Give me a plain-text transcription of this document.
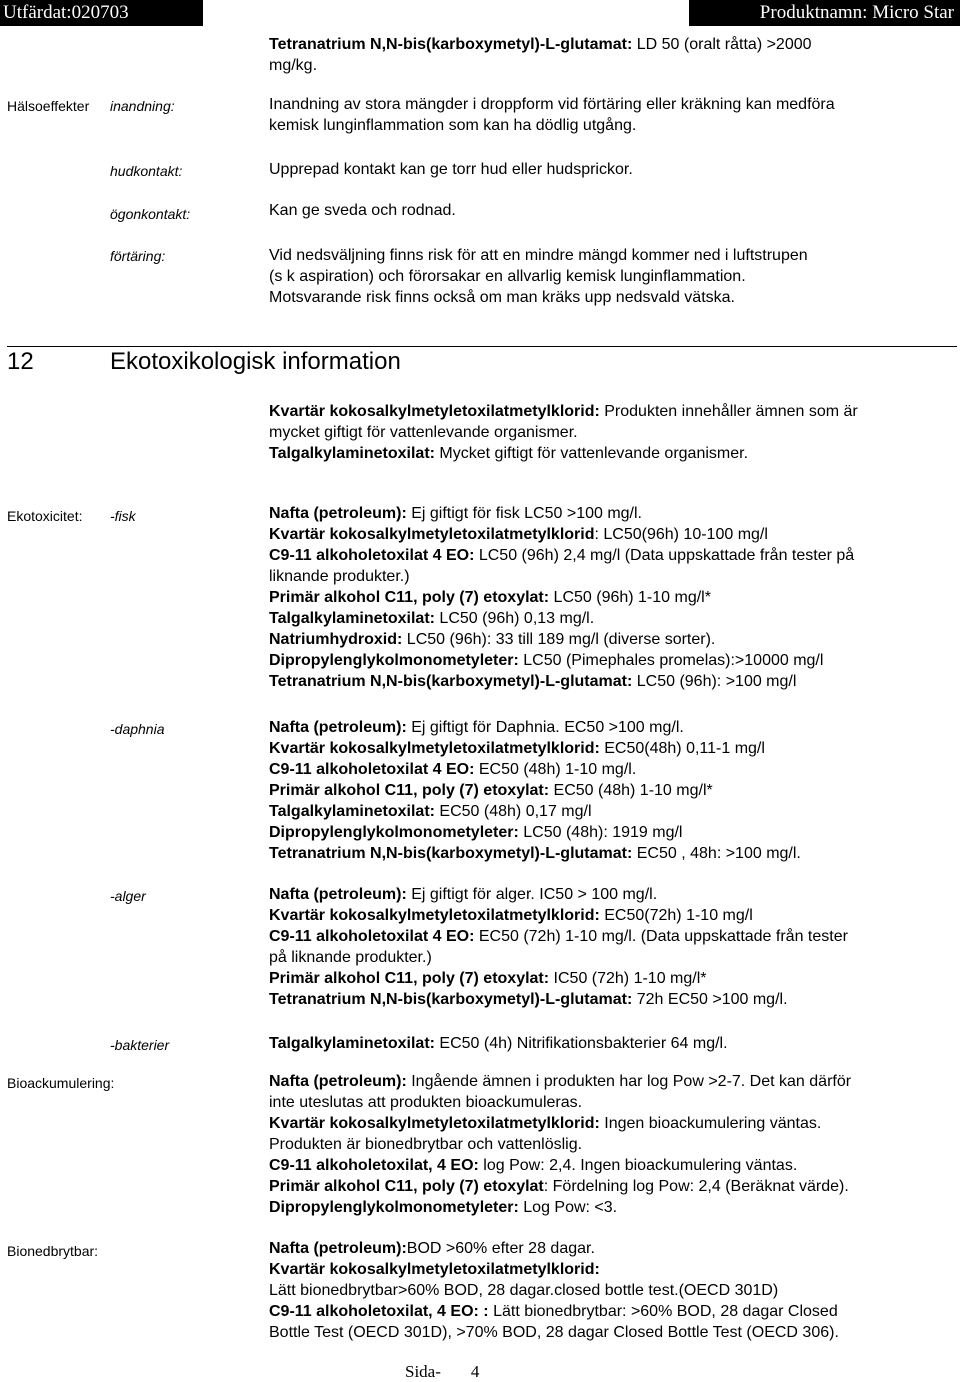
Utfärdat:020703	Produktnamn: Micro Star
Tetranatrium N,N-bis(karboxymetyl)-L-glutamat: LD 50 (oralt råtta) >2000
mg/kg.
Hälsoeffekter inandning:	Inandning av stora mängder i droppform vid förtäring eller kräkning kan medföra
kemisk lunginflammation som kan ha dödlig utgång.
hudkontakt:	Upprepad kontakt kan ge torr hud eller hudsprickor.
ögonkontakt:	Kan ge sveda och rodnad.
förtäring:	Vid nedsväljning finns risk för att en mindre mängd kommer ned i luftstrupen
(s k aspiration) och förorsakar en allvarlig kemisk lunginflammation.
Motsvarande risk finns också om man kräks upp nedsvald vätska.
12	Ekotoxikologisk information
Kvartär kokosalkylmetyletoxilatmetylklorid: Produkten innehåller ämnen som är
mycket giftigt för vattenlevande organismer.
Talgalkylaminetoxilat: Mycket giftigt för vattenlevande organismer.
Ekotoxicitet: -fisk	Nafta (petroleum): Ej giftigt för fisk LC50 >100 mg/l.
Kvartär kokosalkylmetyletoxilatmetylklorid: LC50(96h) 10-100 mg/l
C9-11 alkoholetoxilat 4 EO: LC50 (96h) 2,4 mg/l (Data uppskattade från tester på
liknande produkter.)
Primär alkohol C11, poly (7) etoxylat: LC50 (96h) 1-10 mg/l*
Talgalkylaminetoxilat: LC50 (96h) 0,13 mg/l.
Natriumhydroxid: LC50 (96h): 33 till 189 mg/l (diverse sorter).
Dipropylenglykolmonometyleter: LC50 (Pimephales promelas):>10000 mg/l
Tetranatrium N,N-bis(karboxymetyl)-L-glutamat: LC50 (96h): >100 mg/l
-daphnia	Nafta (petroleum): Ej giftigt för Daphnia. EC50 >100 mg/l.
Kvartär kokosalkylmetyletoxilatmetylklorid: EC50(48h) 0,11-1 mg/l
C9-11 alkoholetoxilat 4 EO: EC50 (48h) 1-10 mg/l.
Primär alkohol C11, poly (7) etoxylat: EC50 (48h) 1-10 mg/l*
Talgalkylaminetoxilat: EC50 (48h) 0,17 mg/l
Dipropylenglykolmonometyleter: LC50 (48h): 1919 mg/l
Tetranatrium N,N-bis(karboxymetyl)-L-glutamat: EC50 , 48h: >100 mg/l.
-alger	Nafta (petroleum): Ej giftigt för alger. IC50 > 100 mg/l.
Kvartär kokosalkylmetyletoxilatmetylklorid: EC50(72h) 1-10 mg/l
C9-11 alkoholetoxilat 4 EO: EC50 (72h) 1-10 mg/l. (Data uppskattade från tester
på liknande produkter.)
Primär alkohol C11, poly (7) etoxylat: IC50 (72h) 1-10 mg/l*
Tetranatrium N,N-bis(karboxymetyl)-L-glutamat: 72h EC50 >100 mg/l.
-bakterier	Talgalkylaminetoxilat: EC50 (4h) Nitrifikationsbakterier 64 mg/l.
Bioackumulering:	Nafta (petroleum): Ingående ämnen i produkten har log Pow >2-7. Det kan därför
inte uteslutas att produkten bioackumuleras.
Kvartär kokosalkylmetyletoxilatmetylklorid: Ingen bioackumulering väntas.
Produkten är bionedbrytbar och vattenlöslig.
C9-11 alkoholetoxilat, 4 EO: log Pow: 2,4. Ingen bioackumulering väntas.
Primär alkohol C11, poly (7) etoxylat: Fördelning log Pow: 2,4 (Beräknat värde).
Dipropylenglykolmonometyleter: Log Pow: <3.
Bionedbrytbar:	Nafta (petroleum):BOD >60% efter 28 dagar.
Kvartär kokosalkylmetyletoxilatmetylklorid:
Lätt bionedbrytbar>60% BOD, 28 dagar.closed bottle test.(OECD 301D)
C9-11 alkoholetoxilat, 4 EO: : Lätt bionedbrytbar: >60% BOD, 28 dagar Closed
Bottle Test (OECD 301D), >70% BOD, 28 dagar Closed Bottle Test (OECD 306).
Sida- 4
